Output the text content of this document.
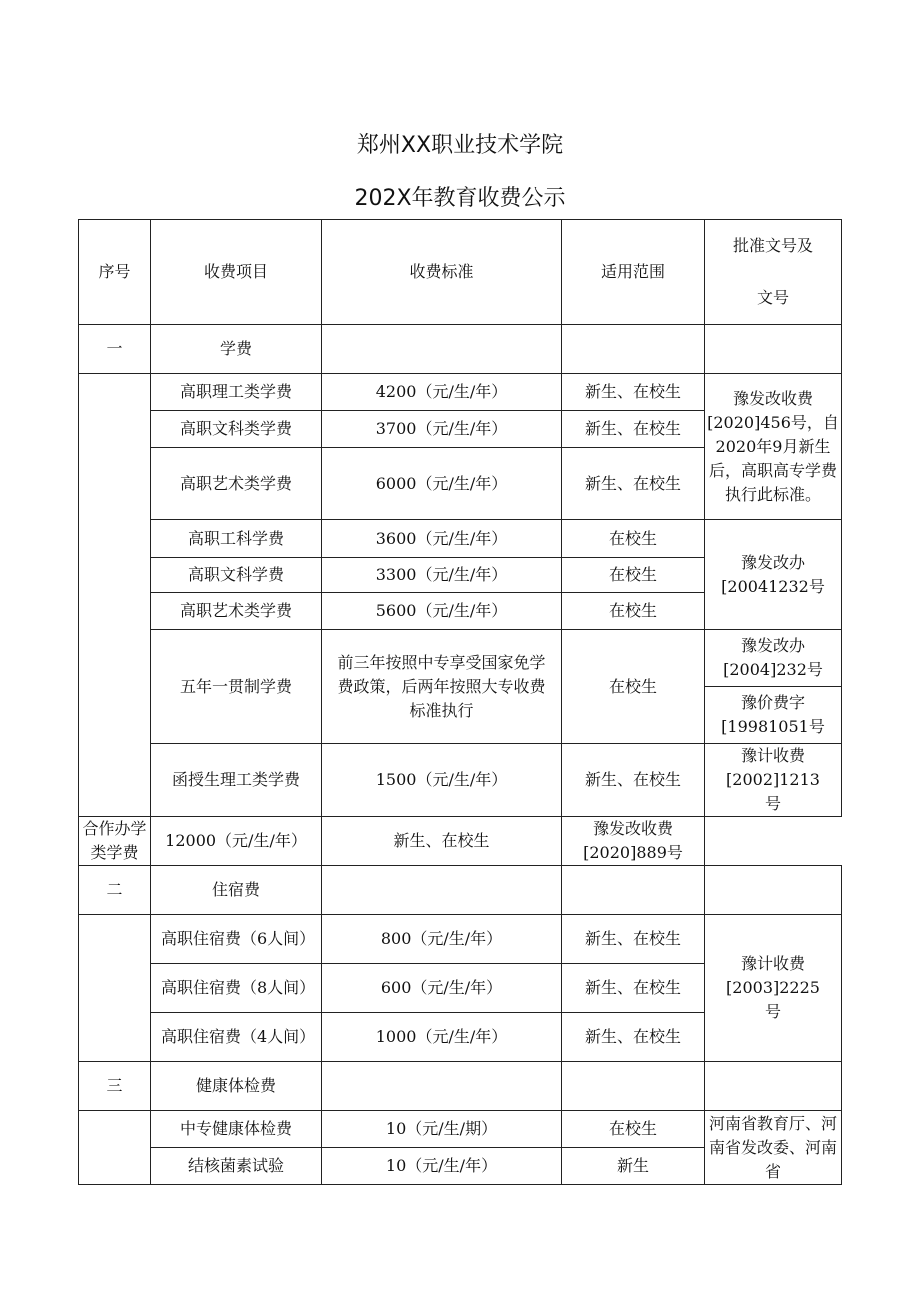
郑州XX职业技术学院
202X年教育收费公示
序号	收费项目	收费标准	适用范围	批准文号及
文号
一	学费			
	高职理工类学费	4200（元/生/年）	新生、在校生	豫发改收费[2020]456号，自2020年9月新生后，高职高专学费执行此标准。
	高职文科类学费	3700（元/生/年）	新生、在校生	
	高职艺术类学费	6000（元/生/年）	新生、在校生	
	高职工科学费	3600（元/生/年）	在校生	豫发改办[20041232号
	高职文科学费	3300（元/生/年）	在校生	
	高职艺术类学费	5600（元/生/年）	在校生	
	五年一贯制学费	前三年按照中专享受国家免学费政策，后两年按照大专收费标准执行	在校生	豫发改办[2004]232号
				豫价费字[19981051号
	函授生理工类学费	1500（元/生/年）	新生、在校生	豫计收费[2002]1213号
合作办学类学费	12000（元/生/年）	新生、在校生	豫发改收费[2020]889号	
二	住宿费			
	高职住宿费（6人间）	800（元/生/年）	新生、在校生	豫计收费[2003]2225号
	高职住宿费（8人间）	600（元/生/年）	新生、在校生	
	高职住宿费（4人间）	1000（元/生/年）	新生、在校生	
三	健康体检费			
	中专健康体检费	10（元/生/期）	在校生	河南省教育厅、河南省发改委、河南省
	结核菌素试验	10（元/生/年）	新生	
